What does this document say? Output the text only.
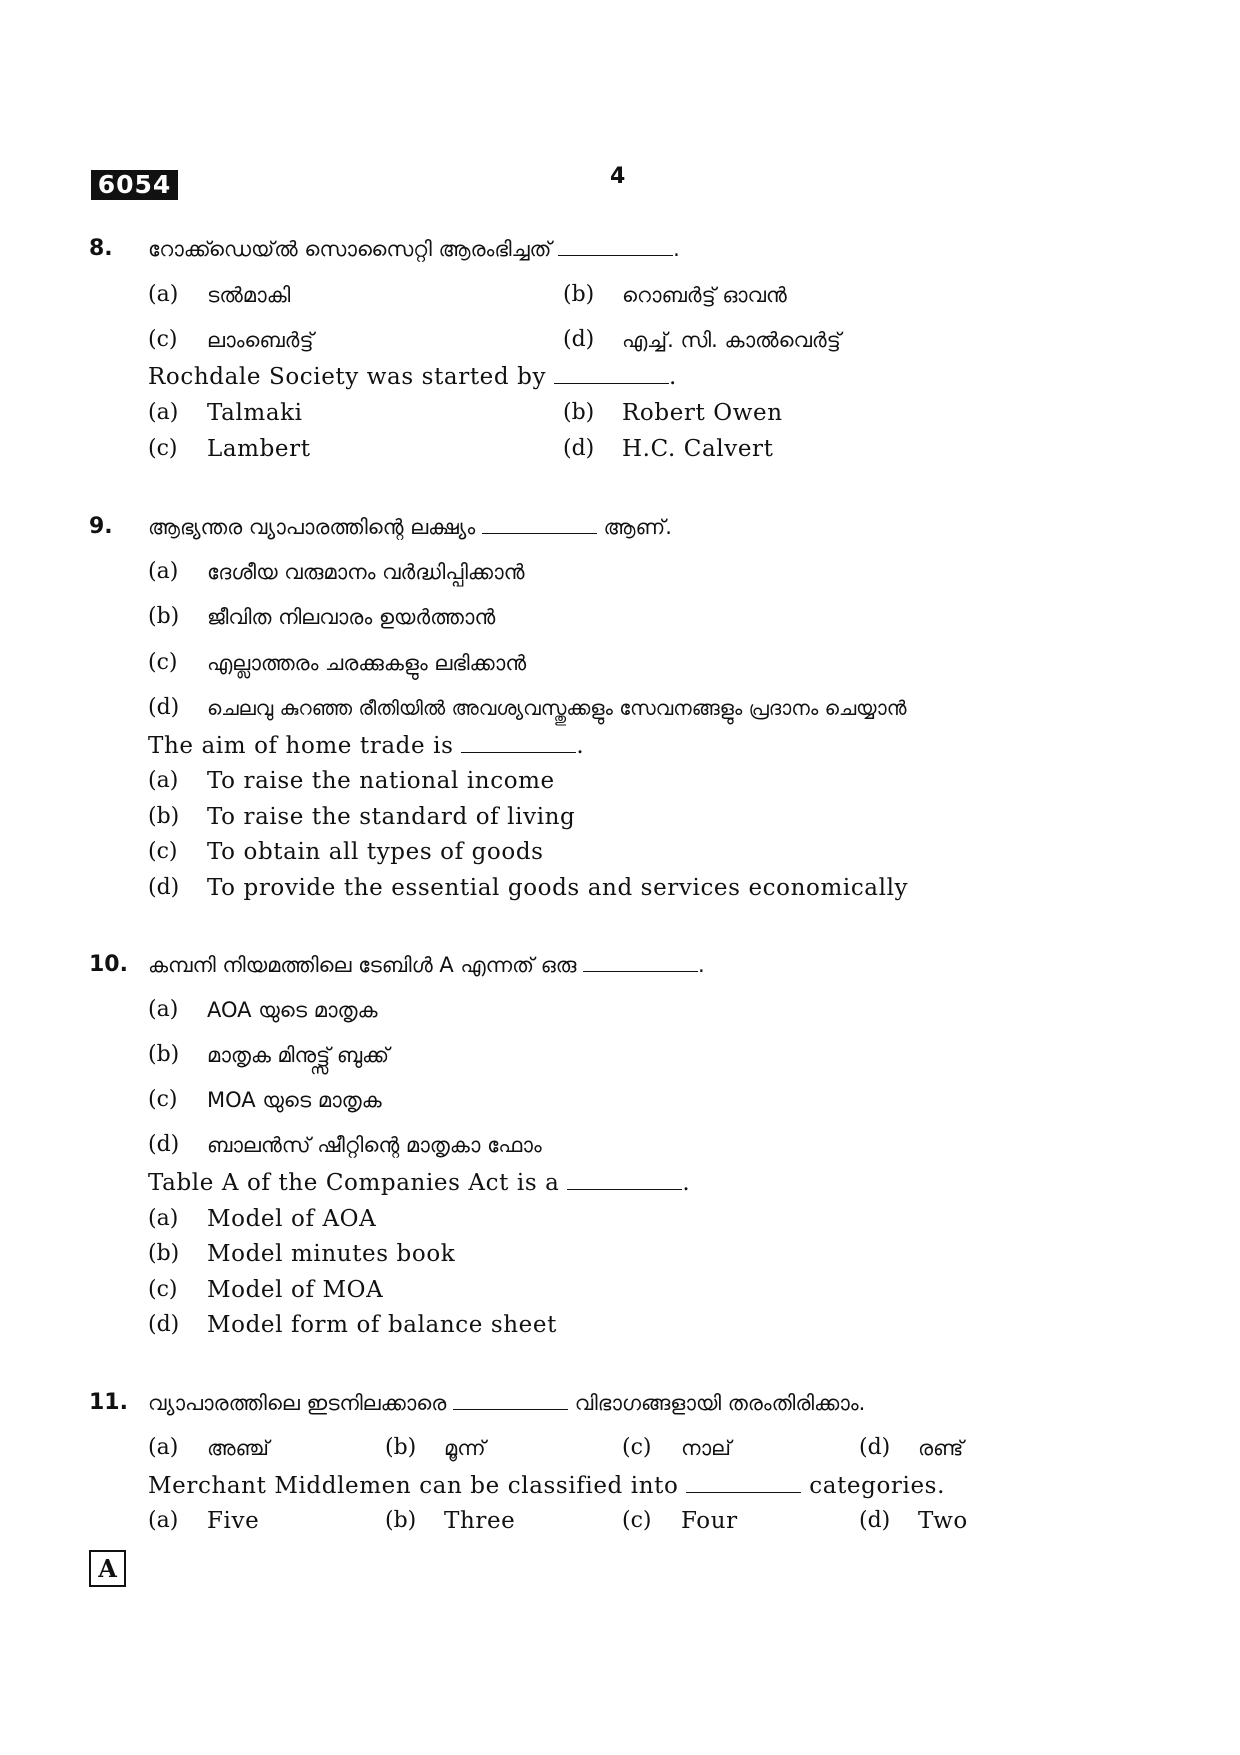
6054	4
8. റോക്ക്ഡെയ്ൽ സൊസൈറ്റി ആരംഭിച്ചത്	.
(a) ടൽമാകി	(b) റൊബർട്ട് ഓവൻ
(c) ലാംബെർട്ട്	(d) എച്ച്. സി. കാൽവെർട്ട്
Rochdale Society was started by	.
(a) Talmaki	(b) Robert Owen
(c) Lambert	(d) H.C. Calvert
9. ആഭ്യന്തര വ്യാപാരത്തിന്റെ ലക്ഷ്യം	ആണ്.
(a) ദേശീയ വരുമാനം വർദ്ധിപ്പിക്കാൻ
(b) ജീവിത നിലവാരം ഉയർത്താൻ
(c) എല്ലാത്തരം ചരക്കുകളും ലഭിക്കാൻ
(d) ചെലവു കുറഞ്ഞ രീതിയിൽ അവശ്യവസ്തുക്കളും സേവനങ്ങളും പ്രദാനം ചെയ്യാൻ
The aim of home trade is	.
(a) To raise the national income
(b) To raise the standard of living
(c) To obtain all types of goods
(d) To provide the essential goods and services economically
10. കമ്പനി നിയമത്തിലെ ടേബിൾ A എന്നത് ഒരു	.
(a) AOA യുടെ മാതൃക
(b) മാതൃക മിനുട്ട്സ് ബുക്ക്
(c) MOA യുടെ മാതൃക
(d) ബാലൻസ് ഷീറ്റിന്റെ മാതൃകാ ഫോം
Table A of the Companies Act is a	.
(a) Model of AOA
(b) Model minutes book
(c) Model of MOA
(d) Model form of balance sheet
11. വ്യാപാരത്തിലെ ഇടനിലക്കാരെ	വിഭാഗങ്ങളായി തരംതിരിക്കാം.
(a) അഞ്ച്	(b) മൂന്ന്	(c) നാല്	(d) രണ്ട്
Merchant Middlemen can be classified into	categories.
(a) Five	(b) Three	(c) Four	(d) Two
A
